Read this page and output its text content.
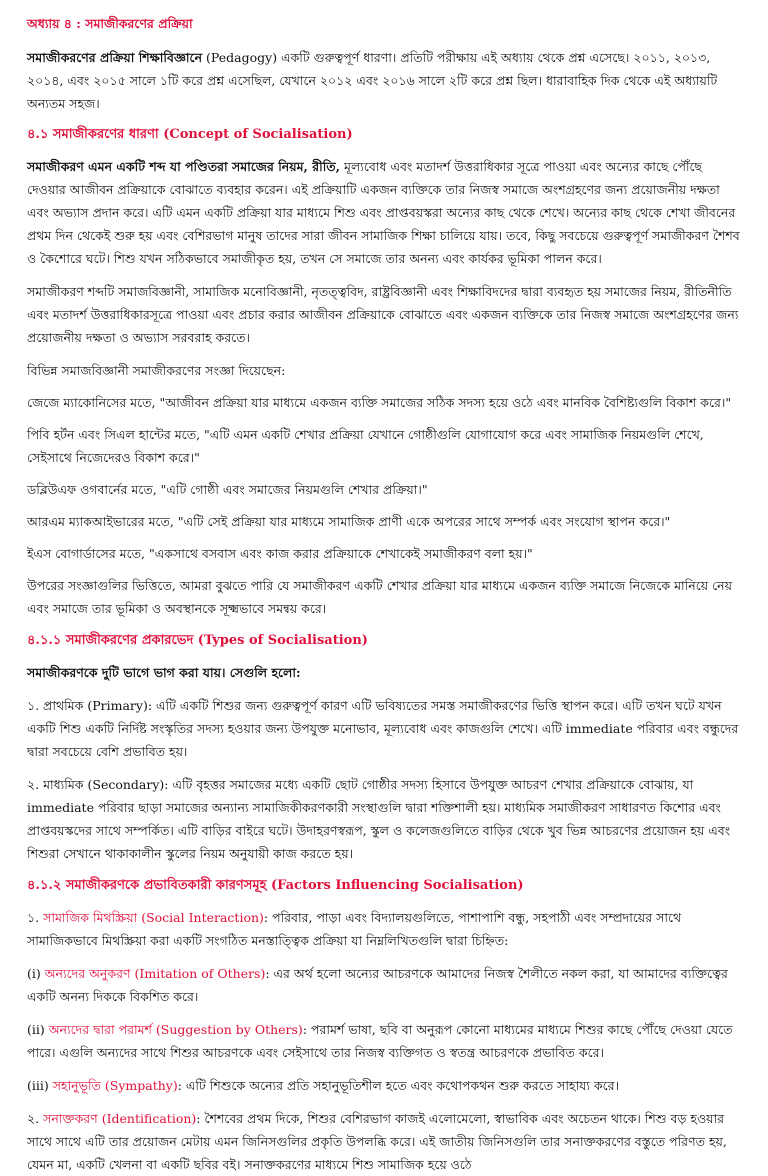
অধ্যায় ৪ : সমাজীকরণের প্রক্রিয়া

সমাজীকরণের প্রক্রিয়া শিক্ষাবিজ্ঞানে (Pedagogy) একটি গুরুত্বপূর্ণ ধারণা। প্রতিটি পরীক্ষায় এই অধ্যায় থেকে প্রশ্ন এসেছে। ২০১১, ২০১৩, ২০১৪, এবং ২০১৫ সালে ১টি করে প্রশ্ন এসেছিল, যেখানে ২০১২ এবং ২০১৬ সালে ২টি করে প্রশ্ন ছিল। ধারাবাহিক দিক থেকে এই অধ্যায়টি অন্যতম সহজ।

৪.১ সমাজীকরণের ধারণা (Concept of Socialisation)

সমাজীকরণ এমন একটি শব্দ যা পণ্ডিতরা সমাজের নিয়ম, রীতি, মূল্যবোধ এবং মতাদর্শ উত্তরাধিকার সূত্রে পাওয়া এবং অন্যের কাছে পৌঁছে দেওয়ার আজীবন প্রক্রিয়াকে বোঝাতে ব্যবহার করেন। এই প্রক্রিয়াটি একজন ব্যক্তিকে তার নিজস্ব সমাজে অংশগ্রহণের জন্য প্রয়োজনীয় দক্ষতা এবং অভ্যাস প্রদান করে। এটি এমন একটি প্রক্রিয়া যার মাধ্যমে শিশু এবং প্রাপ্তবয়স্করা অন্যের কাছ থেকে শেখে। অন্যের কাছ থেকে শেখা জীবনের প্রথম দিন থেকেই শুরু হয় এবং বেশিরভাগ মানুষ তাদের সারা জীবন সামাজিক শিক্ষা চালিয়ে যায়। তবে, কিছু সবচেয়ে গুরুত্বপূর্ণ সমাজীকরণ শৈশব ও কৈশোরে ঘটে। শিশু যখন সঠিকভাবে সমাজীকৃত হয়, তখন সে সমাজে তার অনন্য এবং কার্যকর ভূমিকা পালন করে।

সমাজীকরণ শব্দটি সমাজবিজ্ঞানী, সামাজিক মনোবিজ্ঞানী, নৃতত্ত্ববিদ, রাষ্ট্রবিজ্ঞানী এবং শিক্ষাবিদদের দ্বারা ব্যবহৃত হয় সমাজের নিয়ম, রীতিনীতি এবং মতাদর্শ উত্তরাধিকারসূত্রে পাওয়া এবং প্রচার করার আজীবন প্রক্রিয়াকে বোঝাতে এবং একজন ব্যক্তিকে তার নিজস্ব সমাজে অংশগ্রহণের জন্য প্রয়োজনীয় দক্ষতা ও অভ্যাস সরবরাহ করতে।

বিভিন্ন সমাজবিজ্ঞানী সমাজীকরণের সংজ্ঞা দিয়েছেন:

জেজে ম্যাকোনিসের মতে, "আজীবন প্রক্রিয়া যার মাধ্যমে একজন ব্যক্তি সমাজের সঠিক সদস্য হয়ে ওঠে এবং মানবিক বৈশিষ্ট্যগুলি বিকাশ করে।"

পিবি হর্টন এবং সিএল হান্টের মতে, "এটি এমন একটি শেখার প্রক্রিয়া যেখানে গোষ্ঠীগুলি যোগাযোগ করে এবং সামাজিক নিয়মগুলি শেখে, সেইসাথে নিজেদেরও বিকাশ করে।"

ডব্লিউএফ ওগবার্নের মতে, "এটি গোষ্ঠী এবং সমাজের নিয়মগুলি শেখার প্রক্রিয়া।"

আরএম ম্যাকআইভারের মতে, "এটি সেই প্রক্রিয়া যার মাধ্যমে সামাজিক প্রাণী একে অপরের সাথে সম্পর্ক এবং সংযোগ স্থাপন করে।"

ইএস বোগার্ডাসের মতে, "একসাথে বসবাস এবং কাজ করার প্রক্রিয়াকে শেখাকেই সমাজীকরণ বলা হয়।"

উপরের সংজ্ঞাগুলির ভিত্তিতে, আমরা বুঝতে পারি যে সমাজীকরণ একটি শেখার প্রক্রিয়া যার মাধ্যমে একজন ব্যক্তি সমাজে নিজেকে মানিয়ে নেয় এবং সমাজে তার ভূমিকা ও অবস্থানকে সূক্ষ্মভাবে সমন্বয় করে।

৪.১.১ সমাজীকরণের প্রকারভেদ (Types of Socialisation)

সমাজীকরণকে দুটি ভাগে ভাগ করা যায়। সেগুলি হলো:

১. প্রাথমিক (Primary): এটি একটি শিশুর জন্য গুরুত্বপূর্ণ কারণ এটি ভবিষ্যতের সমস্ত সমাজীকরণের ভিত্তি স্থাপন করে। এটি তখন ঘটে যখন একটি শিশু একটি নির্দিষ্ট সংস্কৃতির সদস্য হওয়ার জন্য উপযুক্ত মনোভাব, মূল্যবোধ এবং কাজগুলি শেখে। এটি immediate পরিবার এবং বন্ধুদের দ্বারা সবচেয়ে বেশি প্রভাবিত হয়।

২. মাধ্যমিক (Secondary): এটি বৃহত্তর সমাজের মধ্যে একটি ছোট গোষ্ঠীর সদস্য হিসাবে উপযুক্ত আচরণ শেখার প্রক্রিয়াকে বোঝায়, যা immediate পরিবার ছাড়া সমাজের অন্যান্য সামাজিকীকরণকারী সংস্থাগুলি দ্বারা শক্তিশালী হয়। মাধ্যমিক সমাজীকরণ সাধারণত কিশোর এবং প্রাপ্তবয়স্কদের সাথে সম্পর্কিত। এটি বাড়ির বাইরে ঘটে। উদাহরণস্বরূপ, স্কুল ও কলেজগুলিতে বাড়ির থেকে খুব ভিন্ন আচরণের প্রয়োজন হয় এবং শিশুরা সেখানে থাকাকালীন স্কুলের নিয়ম অনুযায়ী কাজ করতে হয়।

৪.১.২ সমাজীকরণকে প্রভাবিতকারী কারণসমূহ (Factors Influencing Socialisation)

১. সামাজিক মিথস্ক্রিয়া (Social Interaction): পরিবার, পাড়া এবং বিদ্যালয়গুলিতে, পাশাপাশি বন্ধু, সহপাঠী এবং সম্প্রদায়ের সাথে সামাজিকভাবে মিথস্ক্রিয়া করা একটি সংগঠিত মনস্তাত্ত্বিক প্রক্রিয়া যা নিম্নলিখিতগুলি দ্বারা চিহ্নিত:

(i) অন্যদের অনুকরণ (Imitation of Others): এর অর্থ হলো অন্যের আচরণকে আমাদের নিজস্ব শৈলীতে নকল করা, যা আমাদের ব্যক্তিত্বের একটি অনন্য দিককে বিকশিত করে।

(ii) অন্যদের দ্বারা পরামর্শ (Suggestion by Others): পরামর্শ ভাষা, ছবি বা অনুরূপ কোনো মাধ্যমের মাধ্যমে শিশুর কাছে পৌঁছে দেওয়া যেতে পারে। এগুলি অন্যদের সাথে শিশুর আচরণকে এবং সেইসাথে তার নিজস্ব ব্যক্তিগত ও স্বতন্ত্র আচরণকে প্রভাবিত করে।

(iii) সহানুভূতি (Sympathy): এটি শিশুকে অন্যের প্রতি সহানুভূতিশীল হতে এবং কথোপকথন শুরু করতে সাহায্য করে।

২. সনাক্তকরণ (Identification): শৈশবের প্রথম দিকে, শিশুর বেশিরভাগ কাজই এলোমেলো, স্বাভাবিক এবং অচেতন থাকে। শিশু বড় হওয়ার সাথে সাথে এটি তার প্রয়োজন মেটায় এমন জিনিসগুলির প্রকৃতি উপলব্ধি করে। এই জাতীয় জিনিসগুলি তার সনাক্তকরণের বস্তুতে পরিণত হয়, যেমন মা, একটি খেলনা বা একটি ছবির বই। সনাক্তকরণের মাধ্যমে শিশু সামাজিক হয়ে ওঠে
